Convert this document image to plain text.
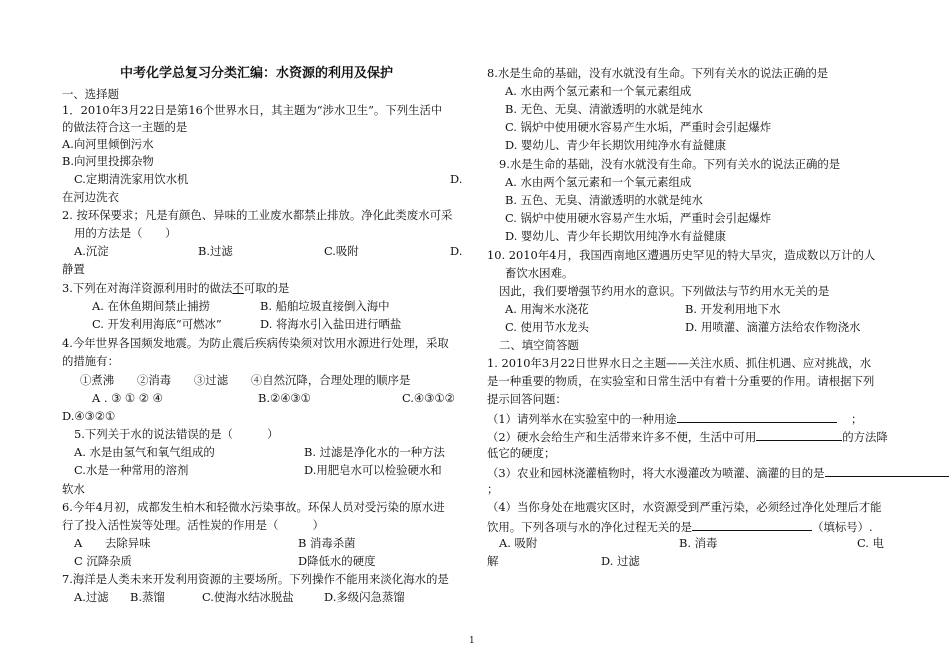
中考化学总复习分类汇编：水资源的利用及保护
一、选择题
1．2010年3月22日是第16个世界水日，其主题为“涉水卫生”。下列生活中
的做法符合这一主题的是
A.向河里倾倒污水
B.向河里投掷杂物
C.定期清洗家用饮水机	D.
在河边洗衣
2. 按环保要求；凡是有颜色、异味的工业废水都禁止排放。净化此类废水可采
用的方法是（　　）
A.沉淀	B.过滤	C.吸附	D.
静置
3.下列在对海洋资源利用时的做法不可取的是
A. 在休鱼期间禁止捕捞	B. 船舶垃圾直接倒入海中
C. 开发利用海底“可燃冰”	D. 将海水引入盐田进行晒盐
4.今年世界各国频发地震。为防止震后疾病传染须对饮用水源进行处理，采取
的措施有：
①煮沸　　②消毒　　③过滤　　④自然沉降，合理处理的顺序是
A . ③ ① ② ④	B.②④③①	C.④③①②
D.④③②①
5.下列关于水的说法错误的是（　　　）
A. 水是由氢气和氧气组成的	B. 过滤是净化水的一种方法
C.水是一种常用的溶剂	D.用肥皂水可以检验硬水和
软水
6.今年4月初，成都发生柏木和轻微水污染事故。环保人员对受污染的原水进
行了投入活性炭等处理。活性炭的作用是（　　　）
A　　去除异味	B 消毒杀菌
C 沉降杂质	D降低水的硬度
7.海洋是人类未来开发利用资源的主要场所。下列操作不能用来淡化海水的是
A.过滤 B.蒸馏	C.使海水结冰脱盐	D.多级闪急蒸馏
8.水是生命的基础，没有水就没有生命。下列有关水的说法正确的是
A. 水由两个氢元素和一个氧元素组成
B. 无色、无臭、清澈透明的水就是纯水
C. 锅炉中使用硬水容易产生水垢，严重时会引起爆炸
D. 婴幼儿、青少年长期饮用纯净水有益健康
9.水是生命的基础，没有水就没有生命。下列有关水的说法正确的是
A. 水由两个氢元素和一个氧元素组成
B. 五色、无臭、清澈透明的水就是纯水
C. 锅炉中使用硬水容易产生水垢，严重时会引起爆炸
D. 婴幼儿、青少年长期饮用纯净水有益健康
10. 2010年4月，我国西南地区遭遇历史罕见的特大旱灾，造成数以万计的人
畜饮水困难。
因此，我们要增强节约用水的意识。下列做法与节约用水无关的是
A. 用淘米水浇花	B. 开发利用地下水
C. 使用节水龙头	D. 用喷灌、滴灌方法给农作物浇水
二、填空简答题
1. 2010年3月22日世界水日之主题——关注水质、抓住机遇、应对挑战，水
是一种重要的物质，在实验室和日常生活中有着十分重要的作用。请根据下列
提示回答问题：
（1）请列举水在实验室中的一种用途	；
（2）硬水会给生产和生活带来许多不便，生活中可用	的方法降
低它的硬度；
（3）农业和园林浇灌植物时，将大水漫灌改为喷灌、滴灌的目的是
；
（4）当你身处在地震灾区时，水资源受到严重污染，必须经过净化处理后才能
饮用。下列各项与水的净化过程无关的是	（填标号）.
A. 吸附	B. 消毒	C. 电
解	D. 过滤
1
